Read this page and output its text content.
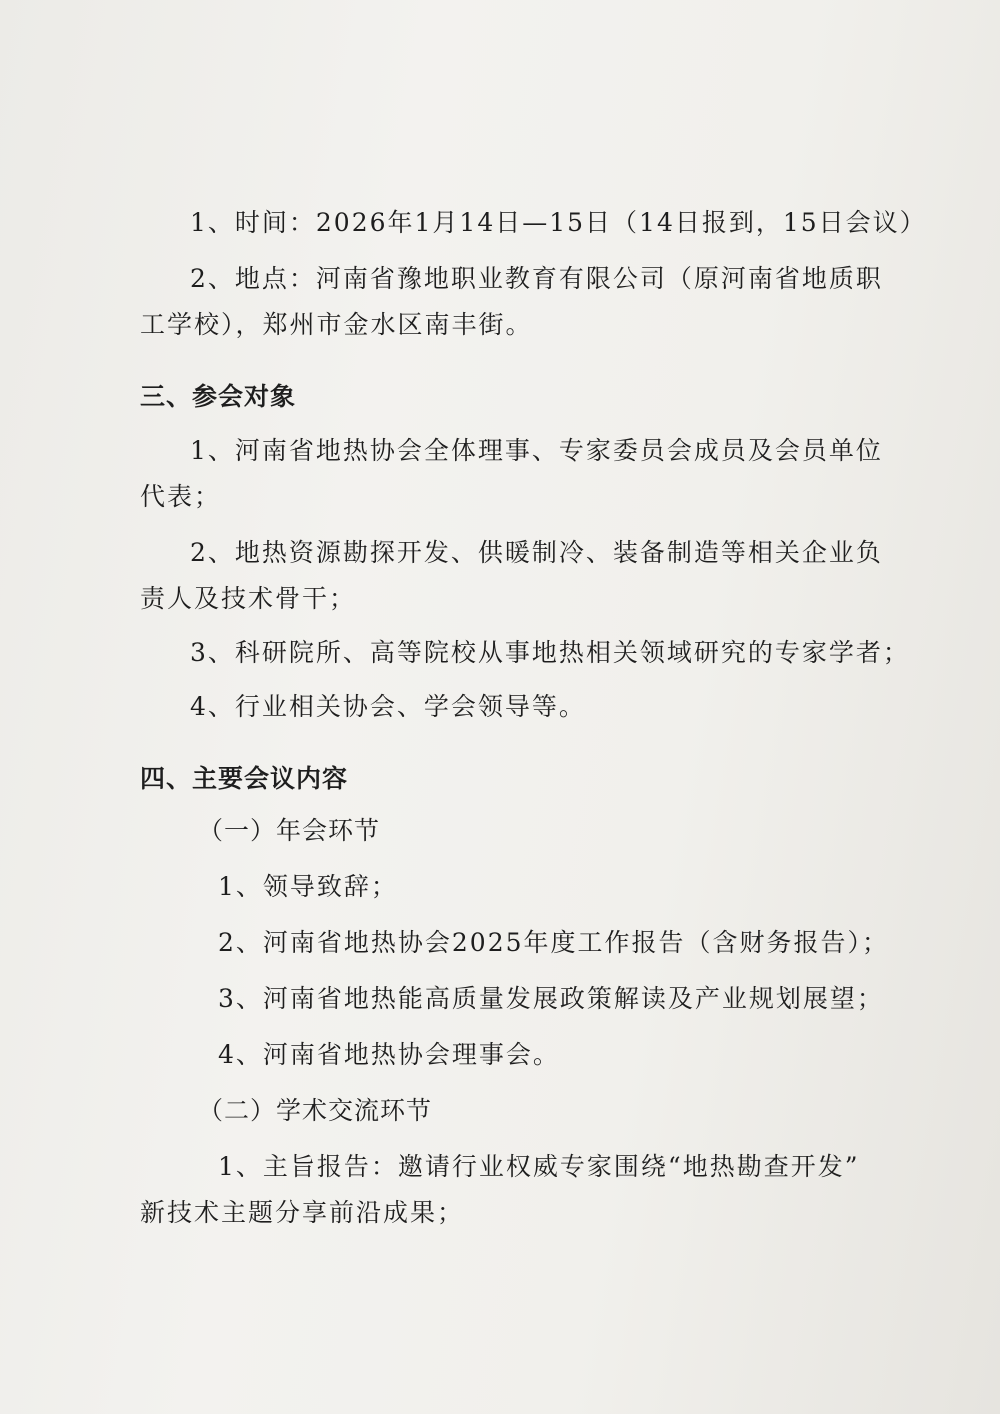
1、时间：2026年1月14日—15日（14日报到，15日会议）
2、地点：河南省豫地职业教育有限公司（原河南省地质职
工学校），郑州市金水区南丰街。
三、参会对象
1、河南省地热协会全体理事、专家委员会成员及会员单位
代表；
2、地热资源勘探开发、供暖制冷、装备制造等相关企业负
责人及技术骨干；
3、科研院所、高等院校从事地热相关领域研究的专家学者；
4、行业相关协会、学会领导等。
四、主要会议内容
（一）年会环节
1、领导致辞；
2、河南省地热协会2025年度工作报告（含财务报告）；
3、河南省地热能高质量发展政策解读及产业规划展望；
4、河南省地热协会理事会。
（二）学术交流环节
1、主旨报告：邀请行业权威专家围绕“地热勘查开发”
新技术主题分享前沿成果；
